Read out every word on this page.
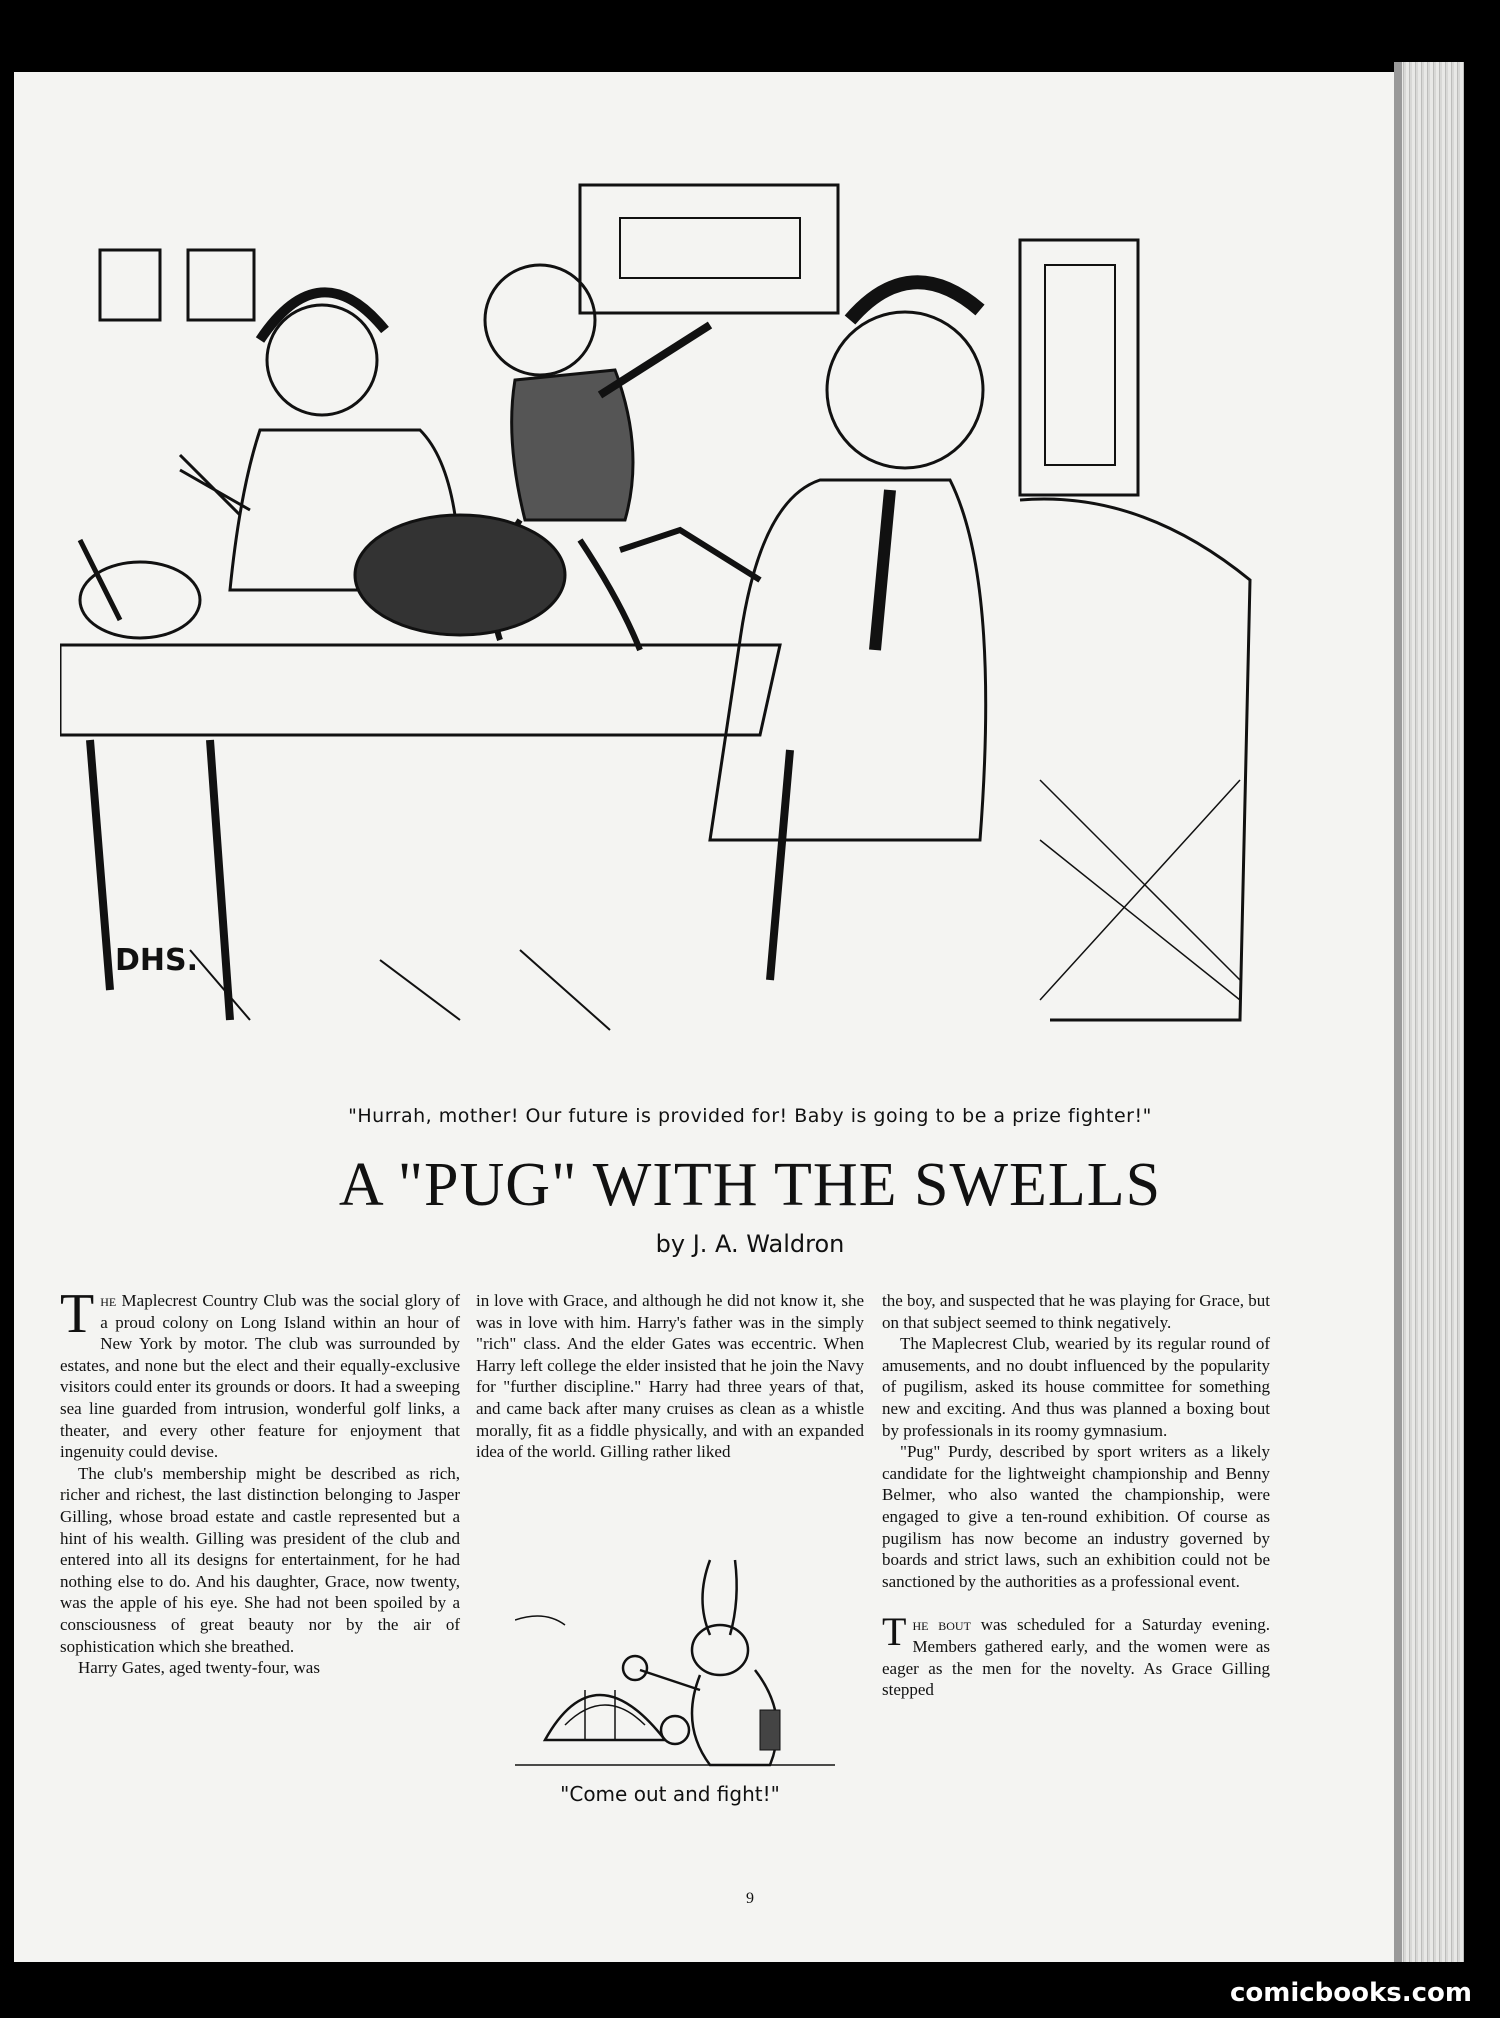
DHS.
"Hurrah, mother! Our future is provided for! Baby is going to be a prize fighter!"
A "PUG" WITH THE SWELLS
by J. A. Waldron

The Maplecrest Country Club was the social glory of a proud colony on Long Island within an hour of New York by motor. The club was surrounded by estates, and none but the elect and their equally-exclusive visitors could enter its grounds or doors. It had a sweeping sea line guarded from intrusion, wonderful golf links, a theater, and every other feature for enjoyment that ingenuity could devise.

The club's membership might be described as rich, richer and richest, the last distinction belonging to Jasper Gilling, whose broad estate and castle represented but a hint of his wealth. Gilling was president of the club and entered into all its designs for entertainment, for he had nothing else to do. And his daughter, Grace, now twenty, was the apple of his eye. She had not been spoiled by a consciousness of great beauty nor by the air of sophistication which she breathed.

Harry Gates, aged twenty-four, was

in love with Grace, and although he did not know it, she was in love with him. Harry's father was in the simply "rich" class. And the elder Gates was eccentric. When Harry left college the elder insisted that he join the Navy for "further discipline." Harry had three years of that, and came back after many cruises as clean as a whistle morally, fit as a fiddle physically, and with an expanded idea of the world. Gilling rather liked

"Come out and fight!"

the boy, and suspected that he was playing for Grace, but on that subject seemed to think negatively.

The Maplecrest Club, wearied by its regular round of amusements, and no doubt influenced by the popularity of pugilism, asked its house committee for something new and exciting. And thus was planned a boxing bout by professionals in its roomy gymnasium.

"Pug" Purdy, described by sport writers as a likely candidate for the lightweight championship and Benny Belmer, who also wanted the championship, were engaged to give a ten-round exhibition. Of course as pugilism has now become an industry governed by boards and strict laws, such an exhibition could not be sanctioned by the authorities as a professional event.

The bout was scheduled for a Saturday evening. Members gathered early, and the women were as eager as the men for the novelty. As Grace Gilling stepped

9
comicbooks.com
